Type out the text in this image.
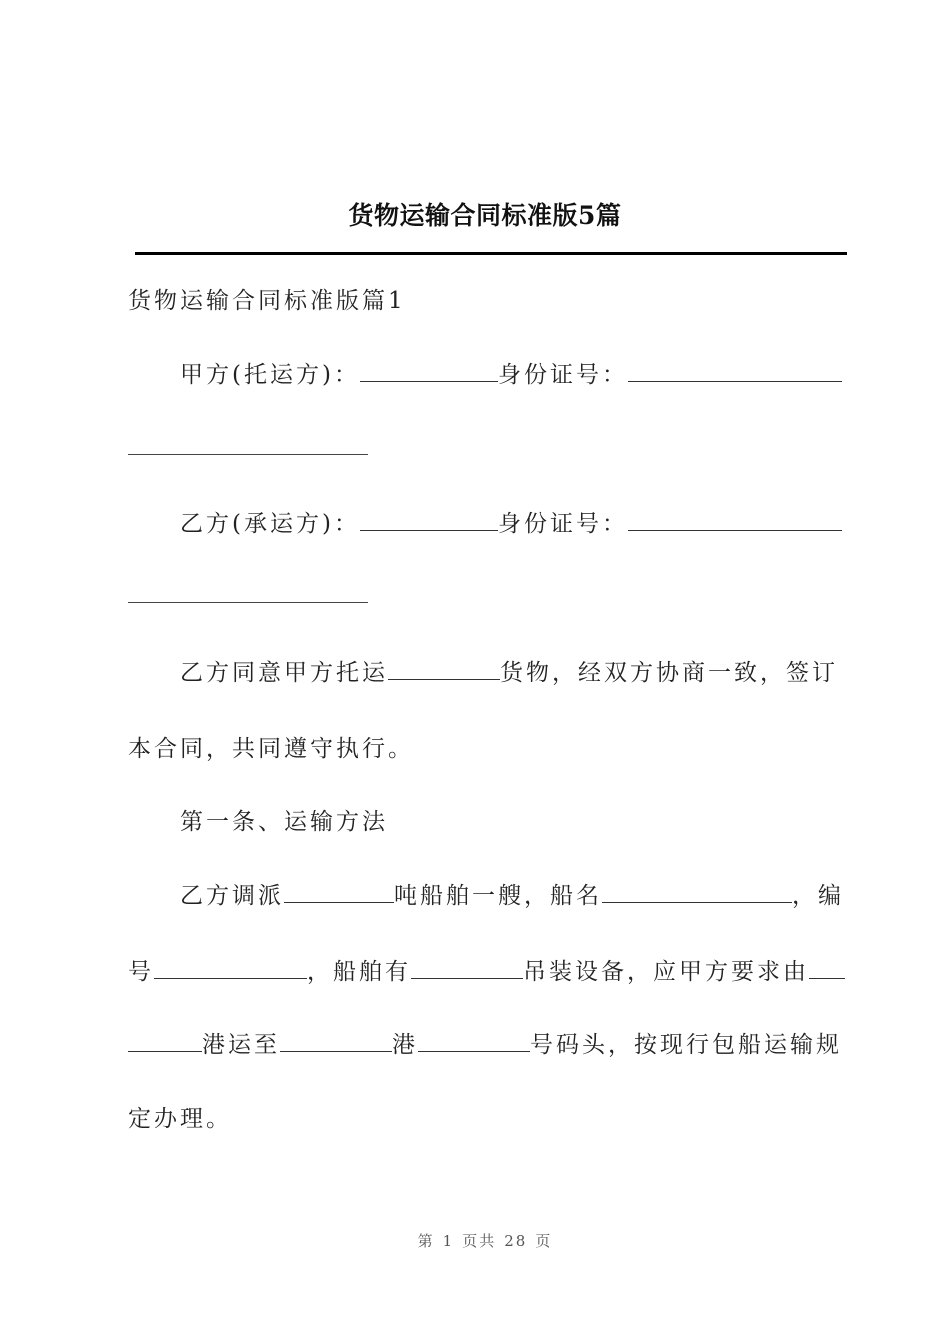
货物运输合同标准版5篇
货物运输合同标准版篇1
甲方(托运方)：	身份证号：
乙方(承运方)：	身份证号：
乙方同意甲方托运	货物，经双方协商一致，签订
本合同，共同遵守执行。
第一条、运输方法
乙方调派	吨船舶一艘，船名	，编
号	，船舶有	吊装设备，应甲方要求由
港运至	港	号码头，按现行包船运输规
定办理。
第 1 页共 28 页
